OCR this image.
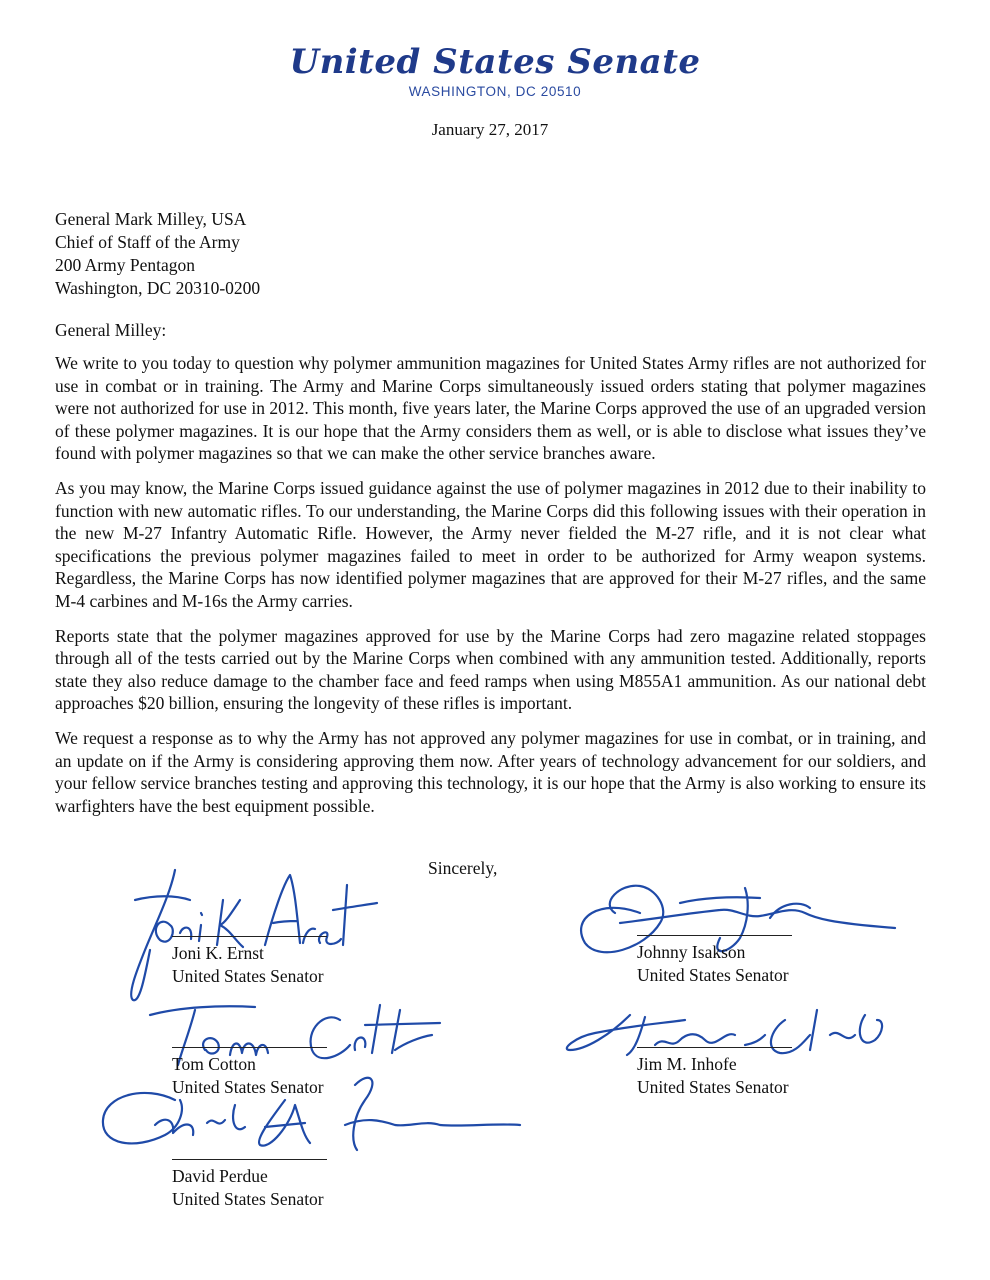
United States Senate
WASHINGTON, DC 20510
January 27, 2017
General Mark Milley, USA
Chief of Staff of the Army
200 Army Pentagon
Washington, DC 20310-0200
General Milley:

We write to you today to question why polymer ammunition magazines for United States Army rifles are not authorized for use in combat or in training. The Army and Marine Corps simultaneously issued orders stating that polymer magazines were not authorized for use in 2012. This month, five years later, the Marine Corps approved the use of an upgraded version of these polymer magazines. It is our hope that the Army considers them as well, or is able to disclose what issues they’ve found with polymer magazines so that we can make the other service branches aware.

As you may know, the Marine Corps issued guidance against the use of polymer magazines in 2012 due to their inability to function with new automatic rifles. To our understanding, the Marine Corps did this following issues with their operation in the new M-27 Infantry Automatic Rifle. However, the Army never fielded the M-27 rifle, and it is not clear what specifications the previous polymer magazines failed to meet in order to be authorized for Army weapon systems. Regardless, the Marine Corps has now identified polymer magazines that are approved for their M-27 rifles, and the same M-4 carbines and M-16s the Army carries.

Reports state that the polymer magazines approved for use by the Marine Corps had zero magazine related stoppages through all of the tests carried out by the Marine Corps when combined with any ammunition tested. Additionally, reports state they also reduce damage to the chamber face and feed ramps when using M855A1 ammunition. As our national debt approaches $20 billion, ensuring the longevity of these rifles is important.

We request a response as to why the Army has not approved any polymer magazines for use in combat, or in training, and an update on if the Army is considering approving them now. After years of technology advancement for our soldiers, and your fellow service branches testing and approving this technology, it is our hope that the Army is also working to ensure its warfighters have the best equipment possible.

Sincerely,
Joni K. Ernst
United States Senator
Johnny Isakson
United States Senator
Tom Cotton
United States Senator
Jim M. Inhofe
United States Senator
David Perdue
United States Senator
